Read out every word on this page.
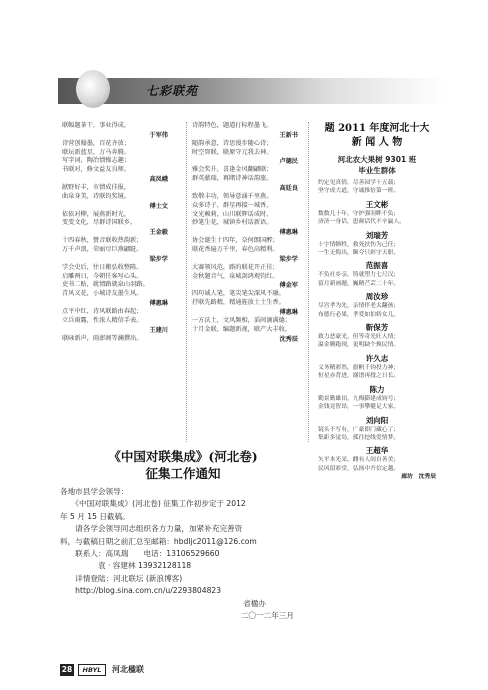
七彩联苑
联幅题茶干，事业得成。
于军伟
诗营创翰墨，百花齐放；
联坛新蓝星，万马奔腾。
写字词，陶冶情操志趣；
书联对，修文益友良师。
高凤峨
献野好丰，市情成佳报，
曲泉身美，诗联钧奖镜。
傅士文
依依对柳，展燕新时光，
变变文化，尽群诗国联乡。
王金毅
十四春秋，赞音联收热韵新；
万千声浪，荣丽尽巨燕翩跹。
梁步学
学会史后，往日搬弘收整陈。
启雕两日，今朝任客写心头。
吏书二贴，就情路就泉山羽路。
青风又花，小城诗友墨生风。
傅惠琳
点平中红，诗风联路由春起；
立兵雨露，性浓人精信手表。
王建川
联咏新声，雨澎阁等澜撰出。
诗韵特色，题道打标程墨飞。
王新书
随韵承意，诗思漫步随心诗；
时空智联，联原守元我去神。
卢德民
雅会奖升，喜逢金风翻翩联；
群英献瑞，再睹诗神话韵旅。
高廷良
致敬丰功，领导意涌千里燕。
众多诗子，群星再接一城香。
文光赖莉，山川联辉话成时。
妙笔生花，城镇乡村话新语。
傅惠琳
协会诞生十四年，奈何朗国醉；
联花香遍万千里，春色高精利。
梁步学
大赛领风范，路的联花开正佳；
金秋题音气，泉城剑鸿观钧红。
傅金军
四句诚人笔，笔尖笔尖深风不融。
抒联先路精，精通旌放士土生香。
傅惠琳
一方沃土，文风频相，滔间滴满德；
十月金联，编题新视，联产大丰收。
沈秀辰
题 2011 年度河北十大
新 闻 人 物
河北农大果树 9301 班
毕业生群体
约定见真情，尽善园学十五载；
坚守成大道，守诚推倍第一班。
王文彬
数数几十年，守护强羽畔不负；
济济一身话，患颜话代不辛赢人。
刘瑞芳
十字情牺牲，救死扶伤为己任；
一生无悔出，颐夸只彩守天职。
范振喜
不负社乡亲，铸就塑力七尺汉；
留月新画题，巍精芒芸二十年。
周汝珍
尽宫孝为先，亲情伴老太翻孩；
布德行必果，孝爱如伯娇女儿。
靳保芳
致力恶豪光，但等奇光旺人情；
温金腾跑现，更明缺个焕民情。
许久志
义务精彩然，旗帆千钧投力神；
恒星赤背进，谢谱再授之日长。
陈力
勤景勤雄田，九梅膨建成钧号；
金钱竟智昂，一事攀健足大家。
刘向阳
镜头不写有，广豪即门藏心了；
集距多觉岛，孤往挖线爱情梦。
王超华
矢平本光采，雌有人间自善美；
民风留彩堂，弘扬中升信定越。
廊坊　沈秀辰
《中国对联集成》(河北卷)
征集工作通知
各地市县学会领导：
　　《中国对联集成》(河北卷) 征集工作初步定于 2012
年 5 月 15 日截稿。
　　请各学会领导同志组织各方力量，加紧补充完善资
料，与截稿日期之前汇总至邮箱：hbdljc2011@126.com
　　联系人：高凤瑞　　电话：13106529660
　　　　　袁 · 容建林 13932128118
　　详情登陆：河北联坛 (新浪博客)
　　http://blog.sina.com.cn/u/2293804823
省楹办
二〇一二年三月
28	HBYL	河北楹联
